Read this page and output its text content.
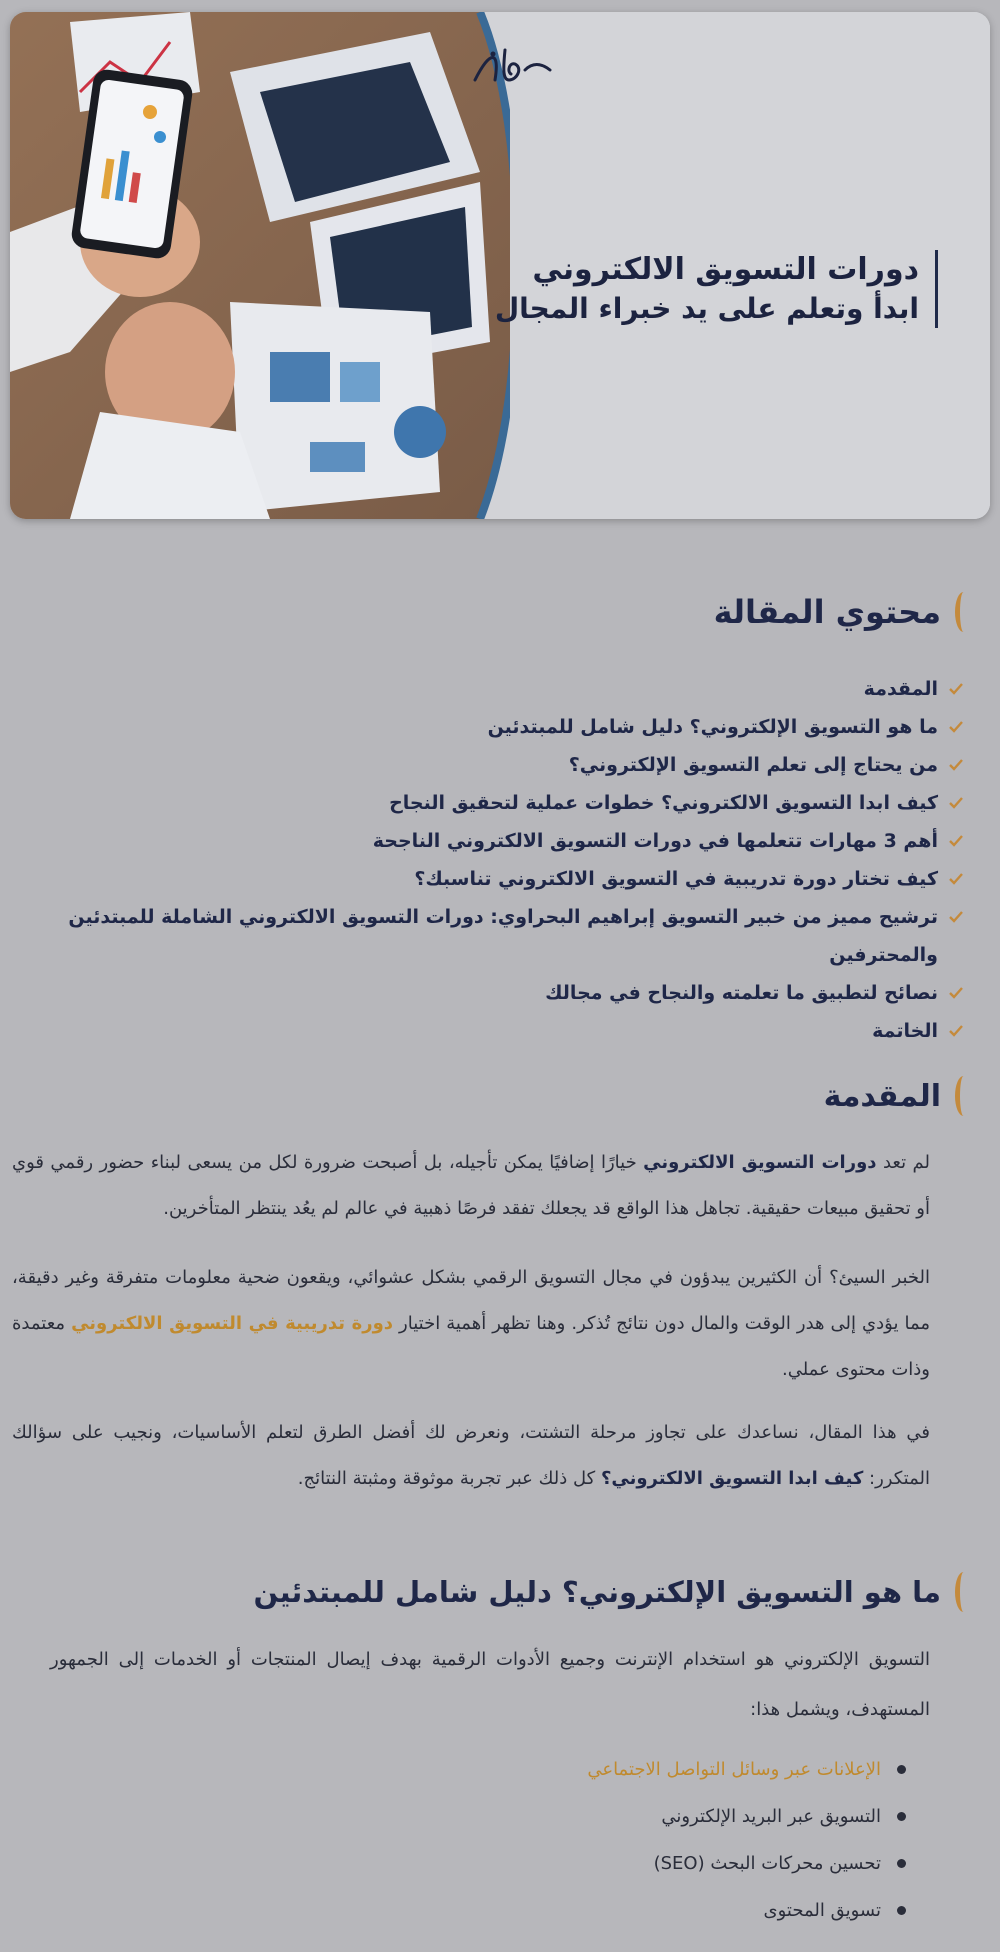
دورات التسويق الالكتروني
ابدأ وتعلم على يد خبراء المجال
محتوي المقالة
المقدمة
ما هو التسويق الإلكتروني؟ دليل شامل للمبتدئين
من يحتاج إلى تعلم التسويق الإلكتروني؟
كيف ابدا التسويق الالكتروني؟ خطوات عملية لتحقيق النجاح
أهم 3 مهارات تتعلمها في دورات التسويق الالكتروني الناجحة
كيف تختار دورة تدريبية في التسويق الالكتروني تناسبك؟
ترشيح مميز من خبير التسويق إبراهيم البحراوي: دورات التسويق الالكتروني الشاملة للمبتدئين والمحترفين
نصائح لتطبيق ما تعلمته والنجاح في مجالك
الخاتمة
المقدمة
لم تعد دورات التسويق الالكتروني خيارًا إضافيًا يمكن تأجيله، بل أصبحت ضرورة لكل من يسعى لبناء حضور رقمي قوي أو تحقيق مبيعات حقيقية. تجاهل هذا الواقع قد يجعلك تفقد فرصًا ذهبية في عالم لم يعُد ينتظر المتأخرين.
الخبر السيئ؟ أن الكثيرين يبدؤون في مجال التسويق الرقمي بشكل عشوائي، ويقعون ضحية معلومات متفرقة وغير دقيقة، مما يؤدي إلى هدر الوقت والمال دون نتائج تُذكر. وهنا تظهر أهمية اختيار دورة تدريبية في التسويق الالكتروني معتمدة وذات محتوى عملي.
في هذا المقال، نساعدك على تجاوز مرحلة التشتت، ونعرض لك أفضل الطرق لتعلم الأساسيات، ونجيب على سؤالك المتكرر: كيف ابدا التسويق الالكتروني؟ كل ذلك عبر تجربة موثوقة ومثبتة النتائج.
ما هو التسويق الإلكتروني؟ دليل شامل للمبتدئين
التسويق الإلكتروني هو استخدام الإنترنت وجميع الأدوات الرقمية بهدف إيصال المنتجات أو الخدمات إلى الجمهور المستهدف، ويشمل هذا:
الإعلانات عبر وسائل التواصل الاجتماعي
التسويق عبر البريد الإلكتروني
تحسين محركات البحث (SEO)
تسويق المحتوى
